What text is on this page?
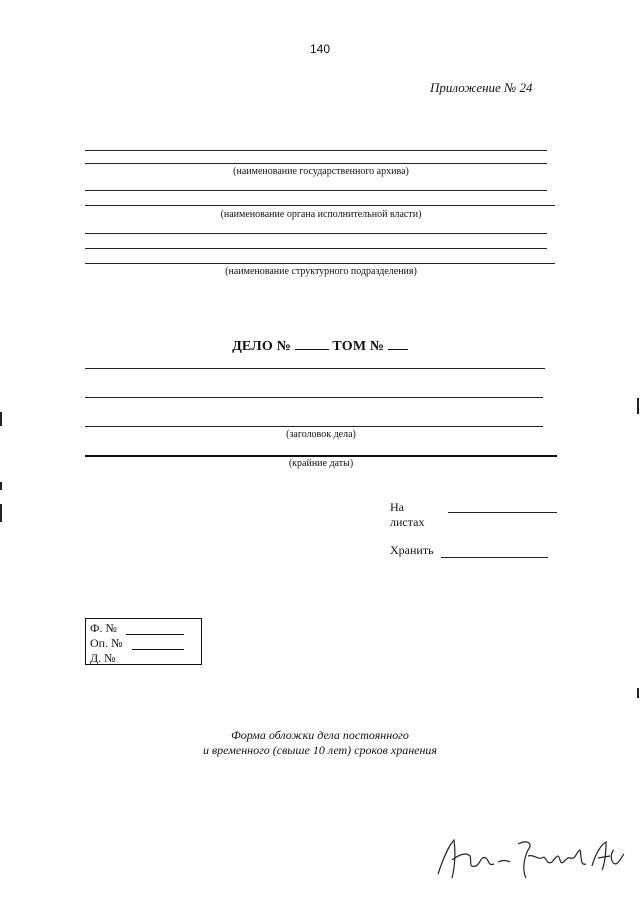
140
Приложение № 24
(наименование государственного архива)
(наименование органа исполнительной власти)
(наименование структурного подразделения)
ДЕЛО №	ТОМ №
(заголовок дела)
(крайние даты)
На
листах
Хранить
Ф. №
Оп. №
Д. №
Форма обложки дела постоянного
и временного (свыше 10 лет) сроков хранения
